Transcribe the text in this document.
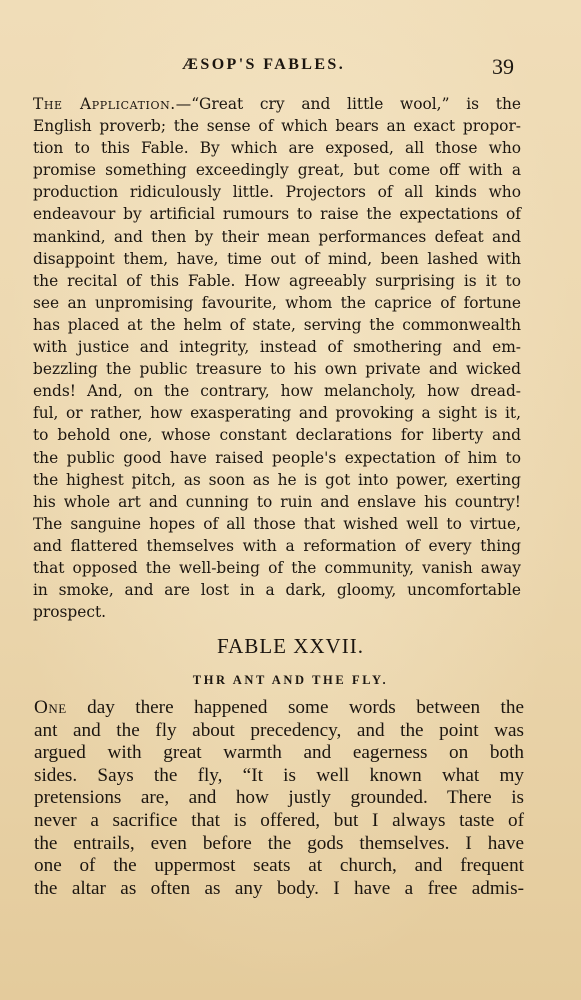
ÆSOP'S FABLES.	39
The Application.—“Great cry and little wool,” is the
English proverb; the sense of which bears an exact propor-
tion to this Fable. By which are exposed, all those who
promise something exceedingly great, but come off with a
production ridiculously little. Projectors of all kinds who
endeavour by artificial rumours to raise the expectations of
mankind, and then by their mean performances defeat and
disappoint them, have, time out of mind, been lashed with
the recital of this Fable. How agreeably surprising is it to
see an unpromising favourite, whom the caprice of fortune
has placed at the helm of state, serving the commonwealth
with justice and integrity, instead of smothering and em-
bezzling the public treasure to his own private and wicked
ends! And, on the contrary, how melancholy, how dread-
ful, or rather, how exasperating and provoking a sight is it,
to behold one, whose constant declarations for liberty and
the public good have raised people's expectation of him to
the highest pitch, as soon as he is got into power, exerting
his whole art and cunning to ruin and enslave his country!
The sanguine hopes of all those that wished well to virtue,
and flattered themselves with a reformation of every thing
that opposed the well-being of the community, vanish away
in smoke, and are lost in a dark, gloomy, uncomfortable
prospect.
FABLE XXVII.
THR ANT AND THE FLY.
One day there happened some words between the
ant and the fly about precedency, and the point was
argued with great warmth and eagerness on both
sides. Says the fly, “It is well known what my
pretensions are, and how justly grounded. There is
never a sacrifice that is offered, but I always taste of
the entrails, even before the gods themselves. I have
one of the uppermost seats at church, and frequent
the altar as often as any body. I have a free admis-
